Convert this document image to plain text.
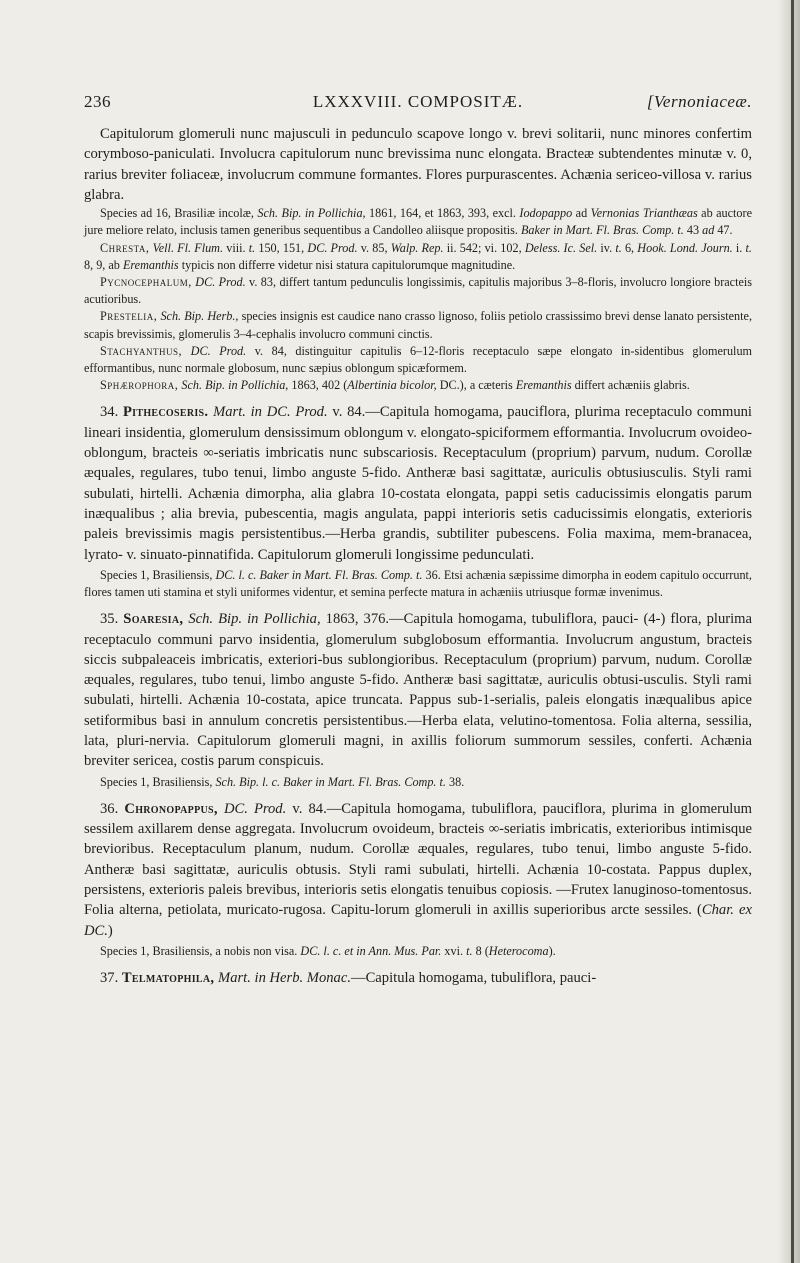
236	LXXXVIII. COMPOSITÆ.	[Vernoniaceæ.

Capitulorum glomeruli nunc majusculi in pedunculo scapove longo v. brevi solitarii, nunc minores confertim corymboso-paniculati. Involucra capitulorum nunc brevissima nunc elongata. Bracteæ subtendentes minutæ v. 0, rarius breviter foliaceæ, involucrum commune formantes. Flores purpurascentes. Achænia sericeo-villosa v. rarius glabra.

Species ad 16, Brasiliæ incolæ, Sch. Bip. in Pollichia, 1861, 164, et 1863, 393, excl. Iodopappo ad Vernonias Trianthæas ab auctore jure meliore relato, inclusis tamen generibus sequentibus a Candolleo aliisque propositis. Baker in Mart. Fl. Bras. Comp. t. 43 ad 47.

Chresta, Vell. Fl. Flum. viii. t. 150, 151, DC. Prod. v. 85, Walp. Rep. ii. 542; vi. 102, Deless. Ic. Sel. iv. t. 6, Hook. Lond. Journ. i. t. 8, 9, ab Eremanthis typicis non differre videtur nisi statura capitulorumque magnitudine.

Pycnocephalum, DC. Prod. v. 83, differt tantum pedunculis longissimis, capitulis majoribus 3–8-floris, involucro longiore bracteis acutioribus.

Prestelia, Sch. Bip. Herb., species insignis est caudice nano crasso lignoso, foliis petiolo crassissimo brevi dense lanato persistente, scapis brevissimis, glomerulis 3–4-cephalis involucro communi cinctis.

Stachyanthus, DC. Prod. v. 84, distinguitur capitulis 6–12-floris receptaculo sæpe elongato in-sidentibus glomerulum efformantibus, nunc normale globosum, nunc sæpius oblongum spicæformem.

Sphærophora, Sch. Bip. in Pollichia, 1863, 402 (Albertinia bicolor, DC.), a cæteris Eremanthis differt achæniis glabris.

34. Pithecoseris. Mart. in DC. Prod. v. 84.—Capitula homogama, pauciflora, plurima receptaculo communi lineari insidentia, glomerulum densissimum oblongum v. elongato-spiciformem efformantia. Involucrum ovoideo-oblongum, bracteis ∞-seriatis imbricatis nunc subscariosis. Receptaculum (proprium) parvum, nudum. Corollæ æquales, regulares, tubo tenui, limbo anguste 5-fido. Antheræ basi sagittatæ, auriculis obtusiusculis. Styli rami subulati, hirtelli. Achænia dimorpha, alia glabra 10-costata elongata, pappi setis caducissimis elongatis parum inæqualibus ; alia brevia, pubescentia, magis angulata, pappi interioris setis caducissimis elongatis, exterioris paleis brevissimis magis persistentibus.—Herba grandis, subtiliter pubescens. Folia maxima, mem-branacea, lyrato- v. sinuato-pinnatifida. Capitulorum glomeruli longissime pedunculati.

Species 1, Brasiliensis, DC. l. c. Baker in Mart. Fl. Bras. Comp. t. 36. Etsi achænia sæpissime dimorpha in eodem capitulo occurrunt, flores tamen uti stamina et styli uniformes videntur, et semina perfecte matura in achæniis utriusque formæ invenimus.

35. Soaresia, Sch. Bip. in Pollichia, 1863, 376.—Capitula homogama, tubuliflora, pauci- (4-) flora, plurima receptaculo communi parvo insidentia, glomerulum subglobosum efformantia. Involucrum angustum, bracteis siccis subpaleaceis imbricatis, exteriori-bus sublongioribus. Receptaculum (proprium) parvum, nudum. Corollæ æquales, regulares, tubo tenui, limbo anguste 5-fido. Antheræ basi sagittatæ, auriculis obtusi-usculis. Styli rami subulati, hirtelli. Achænia 10-costata, apice truncata. Pappus sub-1-serialis, paleis elongatis inæqualibus apice setiformibus basi in annulum concretis persistentibus.—Herba elata, velutino-tomentosa. Folia alterna, sessilia, lata, pluri-nervia. Capitulorum glomeruli magni, in axillis foliorum summorum sessiles, conferti. Achænia breviter sericea, costis parum conspicuis.

Species 1, Brasiliensis, Sch. Bip. l. c. Baker in Mart. Fl. Bras. Comp. t. 38.

36. Chronopappus, DC. Prod. v. 84.—Capitula homogama, tubuliflora, pauciflora, plurima in glomerulum sessilem axillarem dense aggregata. Involucrum ovoideum, bracteis ∞-seriatis imbricatis, exterioribus intimisque brevioribus. Receptaculum planum, nudum. Corollæ æquales, regulares, tubo tenui, limbo anguste 5-fido. Antheræ basi sagittatæ, auriculis obtusis. Styli rami subulati, hirtelli. Achænia 10-costata. Pappus duplex, persistens, exterioris paleis brevibus, interioris setis elongatis tenuibus copiosis. —Frutex lanuginoso-tomentosus. Folia alterna, petiolata, muricato-rugosa. Capitu-lorum glomeruli in axillis superioribus arcte sessiles. (Char. ex DC.)

Species 1, Brasiliensis, a nobis non visa. DC. l. c. et in Ann. Mus. Par. xvi. t. 8 (Heterocoma).

37. Telmatophila, Mart. in Herb. Monac.—Capitula homogama, tubuliflora, pauci-
